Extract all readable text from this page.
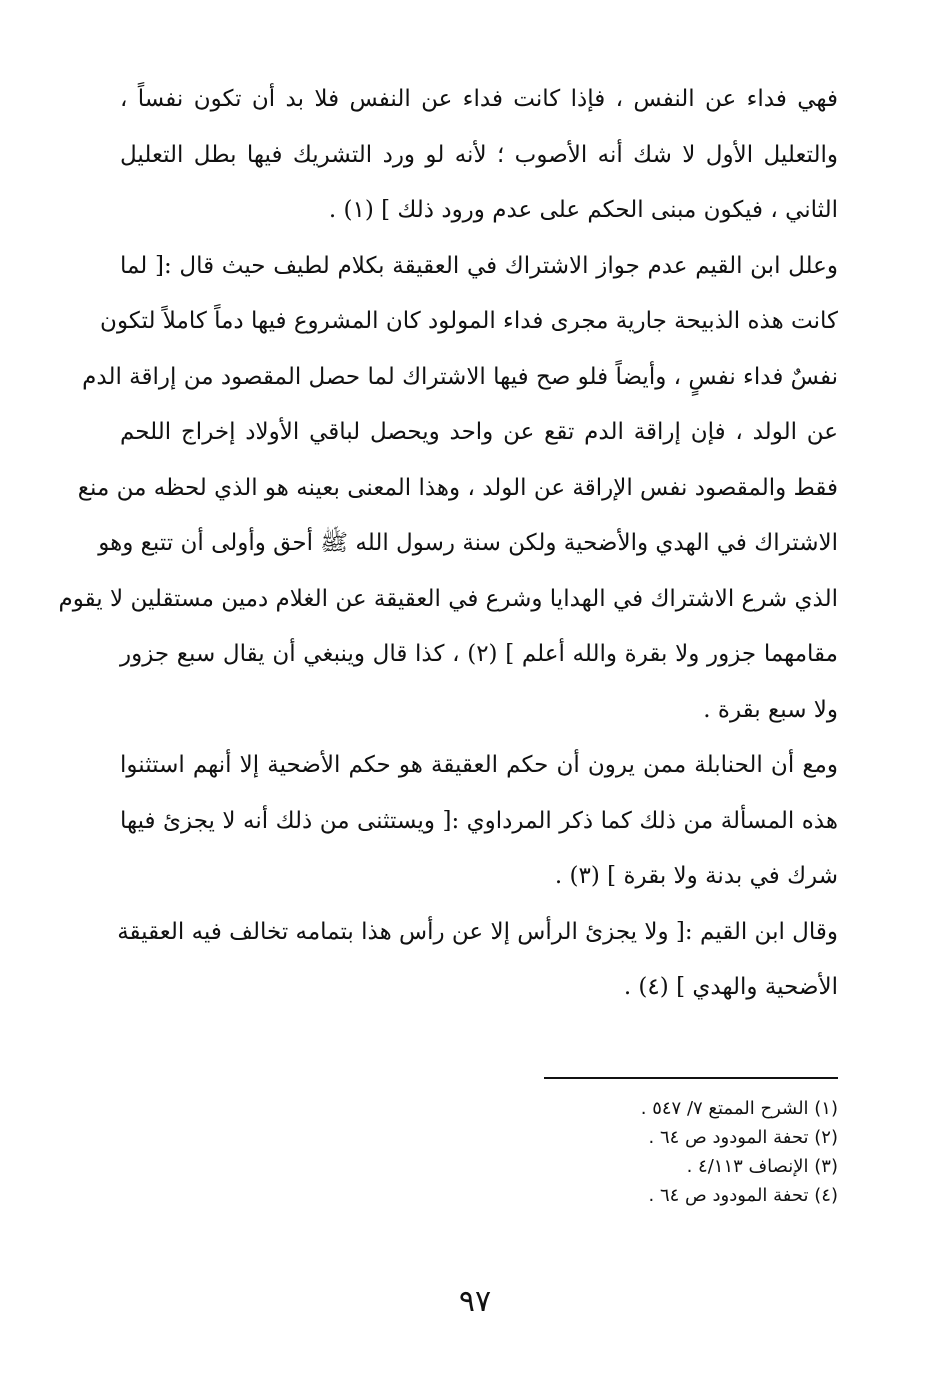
فهي فداء عن النفس ، فإذا كانت فداء عن النفس فلا بد أن تكون نفساً ،
والتعليل الأول لا شك أنه الأصوب ؛ لأنه لو ورد التشريك فيها بطل التعليل
الثاني ، فيكون مبنى الحكم على عدم ورود ذلك ] (١) .
وعلل ابن القيم عدم جواز الاشتراك في العقيقة بكلام لطيف حيث قال :[ لما
كانت هذه الذبيحة جارية مجرى فداء المولود كان المشروع فيها دماً كاملاً لتكون
نفسٌ فداء نفسٍ ، وأيضاً فلو صح فيها الاشتراك لما حصل المقصود من إراقة الدم
عن الولد ، فإن إراقة الدم تقع عن واحد ويحصل لباقي الأولاد إخراج اللحم
فقط والمقصود نفس الإراقة عن الولد ، وهذا المعنى بعينه هو الذي لحظه من منع
الاشتراك في الهدي والأضحية ولكن سنة رسول الله ﷺ أحق وأولى أن تتبع وهو
الذي شرع الاشتراك في الهدايا وشرع في العقيقة عن الغلام دمين مستقلين لا يقوم
مقامهما جزور ولا بقرة والله أعلم ] (٢) ، كذا قال وينبغي أن يقال سبع جزور
ولا سبع بقرة .
ومع أن الحنابلة ممن يرون أن حكم العقيقة هو حكم الأضحية إلا أنهم استثنوا
هذه المسألة من ذلك كما ذكر المرداوي :[ ويستثنى من ذلك أنه لا يجزئ فيها
شرك في بدنة ولا بقرة ] (٣) .
وقال ابن القيم :[ ولا يجزئ الرأس إلا عن رأس هذا بتمامه تخالف فيه العقيقة
الأضحية والهدي ] (٤) .
(١) الشرح الممتع ٧/ ٥٤٧ .
(٢) تحفة المودود ص ٦٤ .
(٣) الإنصاف ٤/١١٣ .
(٤) تحفة المودود ص ٦٤ .
٩٧
